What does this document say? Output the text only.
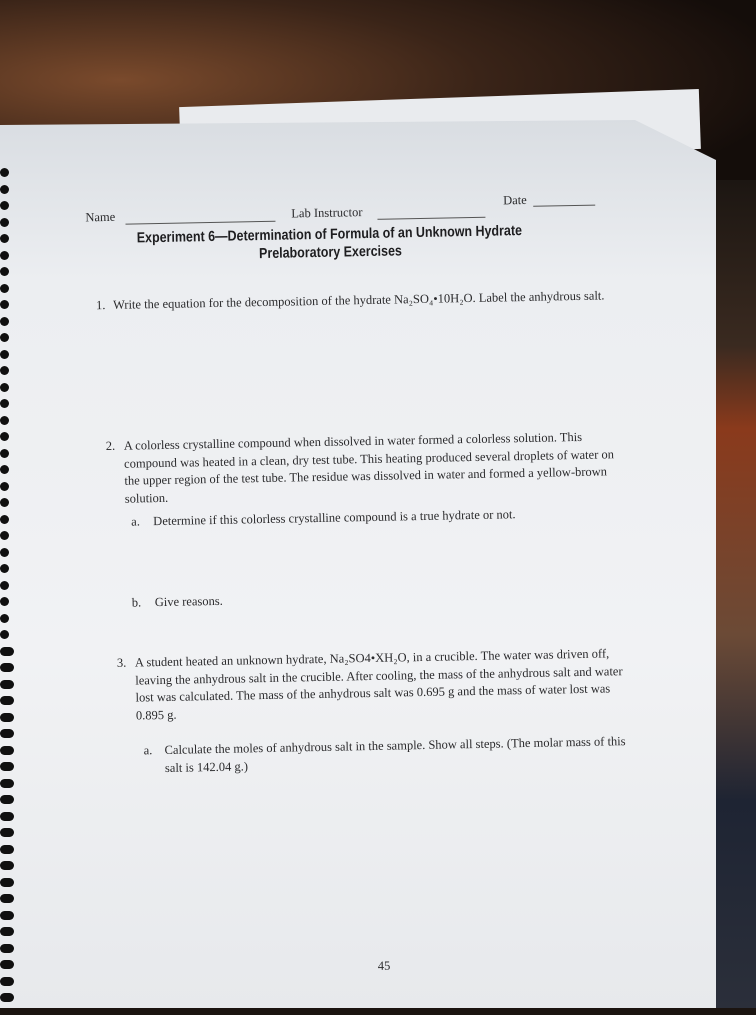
Name	Lab Instructor
Date
Experiment 6—Determination of Formula of an Unknown Hydrate
Prelaboratory Exercises
1. Write the equation for the decomposition of the hydrate Na₂SO₄•10H₂O. Label the anhydrous salt.
2. A colorless crystalline compound when dissolved in water formed a colorless solution. This compound was heated in a clean, dry test tube. This heating produced several droplets of water on the upper region of the test tube. The residue was dissolved in water and formed a yellow-brown solution.
a. Determine if this colorless crystalline compound is a true hydrate or not.
b. Give reasons.
3. A student heated an unknown hydrate, Na₂SO4•XH₂O, in a crucible. The water was driven off, leaving the anhydrous salt in the crucible. After cooling, the mass of the anhydrous salt and water lost was calculated. The mass of the anhydrous salt was 0.695 g and the mass of water lost was 0.895 g.
a. Calculate the moles of anhydrous salt in the sample. Show all steps. (The molar mass of this salt is 142.04 g.)
45
